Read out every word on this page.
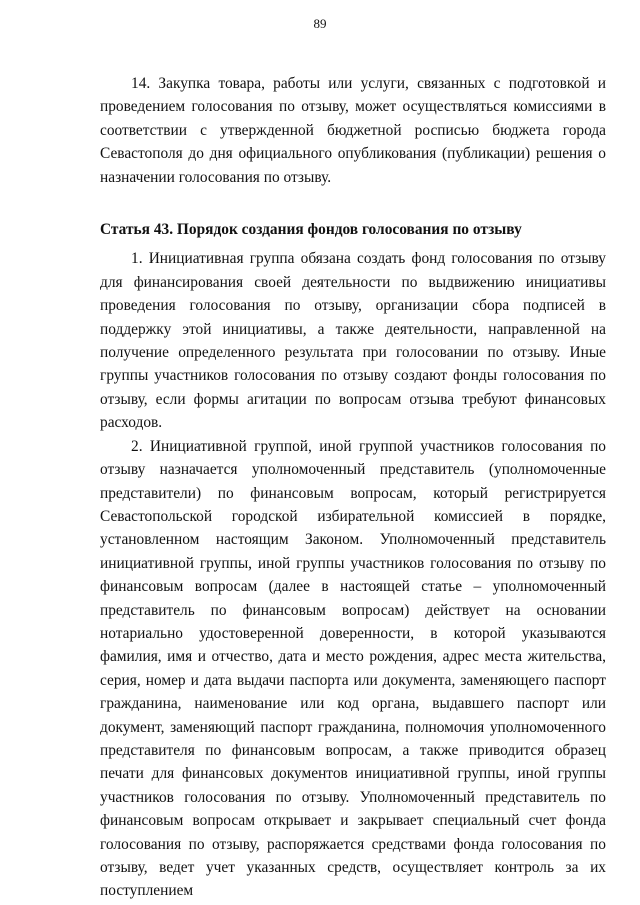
89

14. Закупка товара, работы или услуги, связанных с подготовкой и проведением голосования по отзыву, может осуществляться комиссиями в соответствии с утвержденной бюджетной росписью бюджета города Севастополя до дня официального опубликования (публикации) решения о назначении голосования по отзыву.

Статья 43. Порядок создания фондов голосования по отзыву

1. Инициативная группа обязана создать фонд голосования по отзыву для финансирования своей деятельности по выдвижению инициативы проведения голосования по отзыву, организации сбора подписей в поддержку этой инициативы, а также деятельности, направленной на получение определенного результата при голосовании по отзыву. Иные группы участников голосования по отзыву создают фонды голосования по отзыву, если формы агитации по вопросам отзыва требуют финансовых расходов.

2. Инициативной группой, иной группой участников голосования по отзыву назначается уполномоченный представитель (уполномоченные представители) по финансовым вопросам, который регистрируется Севастопольской городской избирательной комиссией в порядке, установленном настоящим Законом. Уполномоченный представитель инициативной группы, иной группы участников голосования по отзыву по финансовым вопросам (далее в настоящей статье – уполномоченный представитель по финансовым вопросам) действует на основании нотариально удостоверенной доверенности, в которой указываются фамилия, имя и отчество, дата и место рождения, адрес места жительства, серия, номер и дата выдачи паспорта или документа, заменяющего паспорт гражданина, наименование или код органа, выдавшего паспорт или документ, заменяющий паспорт гражданина, полномочия уполномоченного представителя по финансовым вопросам, а также приводится образец печати для финансовых документов инициативной группы, иной группы участников голосования по отзыву. Уполномоченный представитель по финансовым вопросам открывает и закрывает специальный счет фонда голосования по отзыву, распоряжается средствами фонда голосования по отзыву, ведет учет указанных средств, осуществляет контроль за их поступлением
